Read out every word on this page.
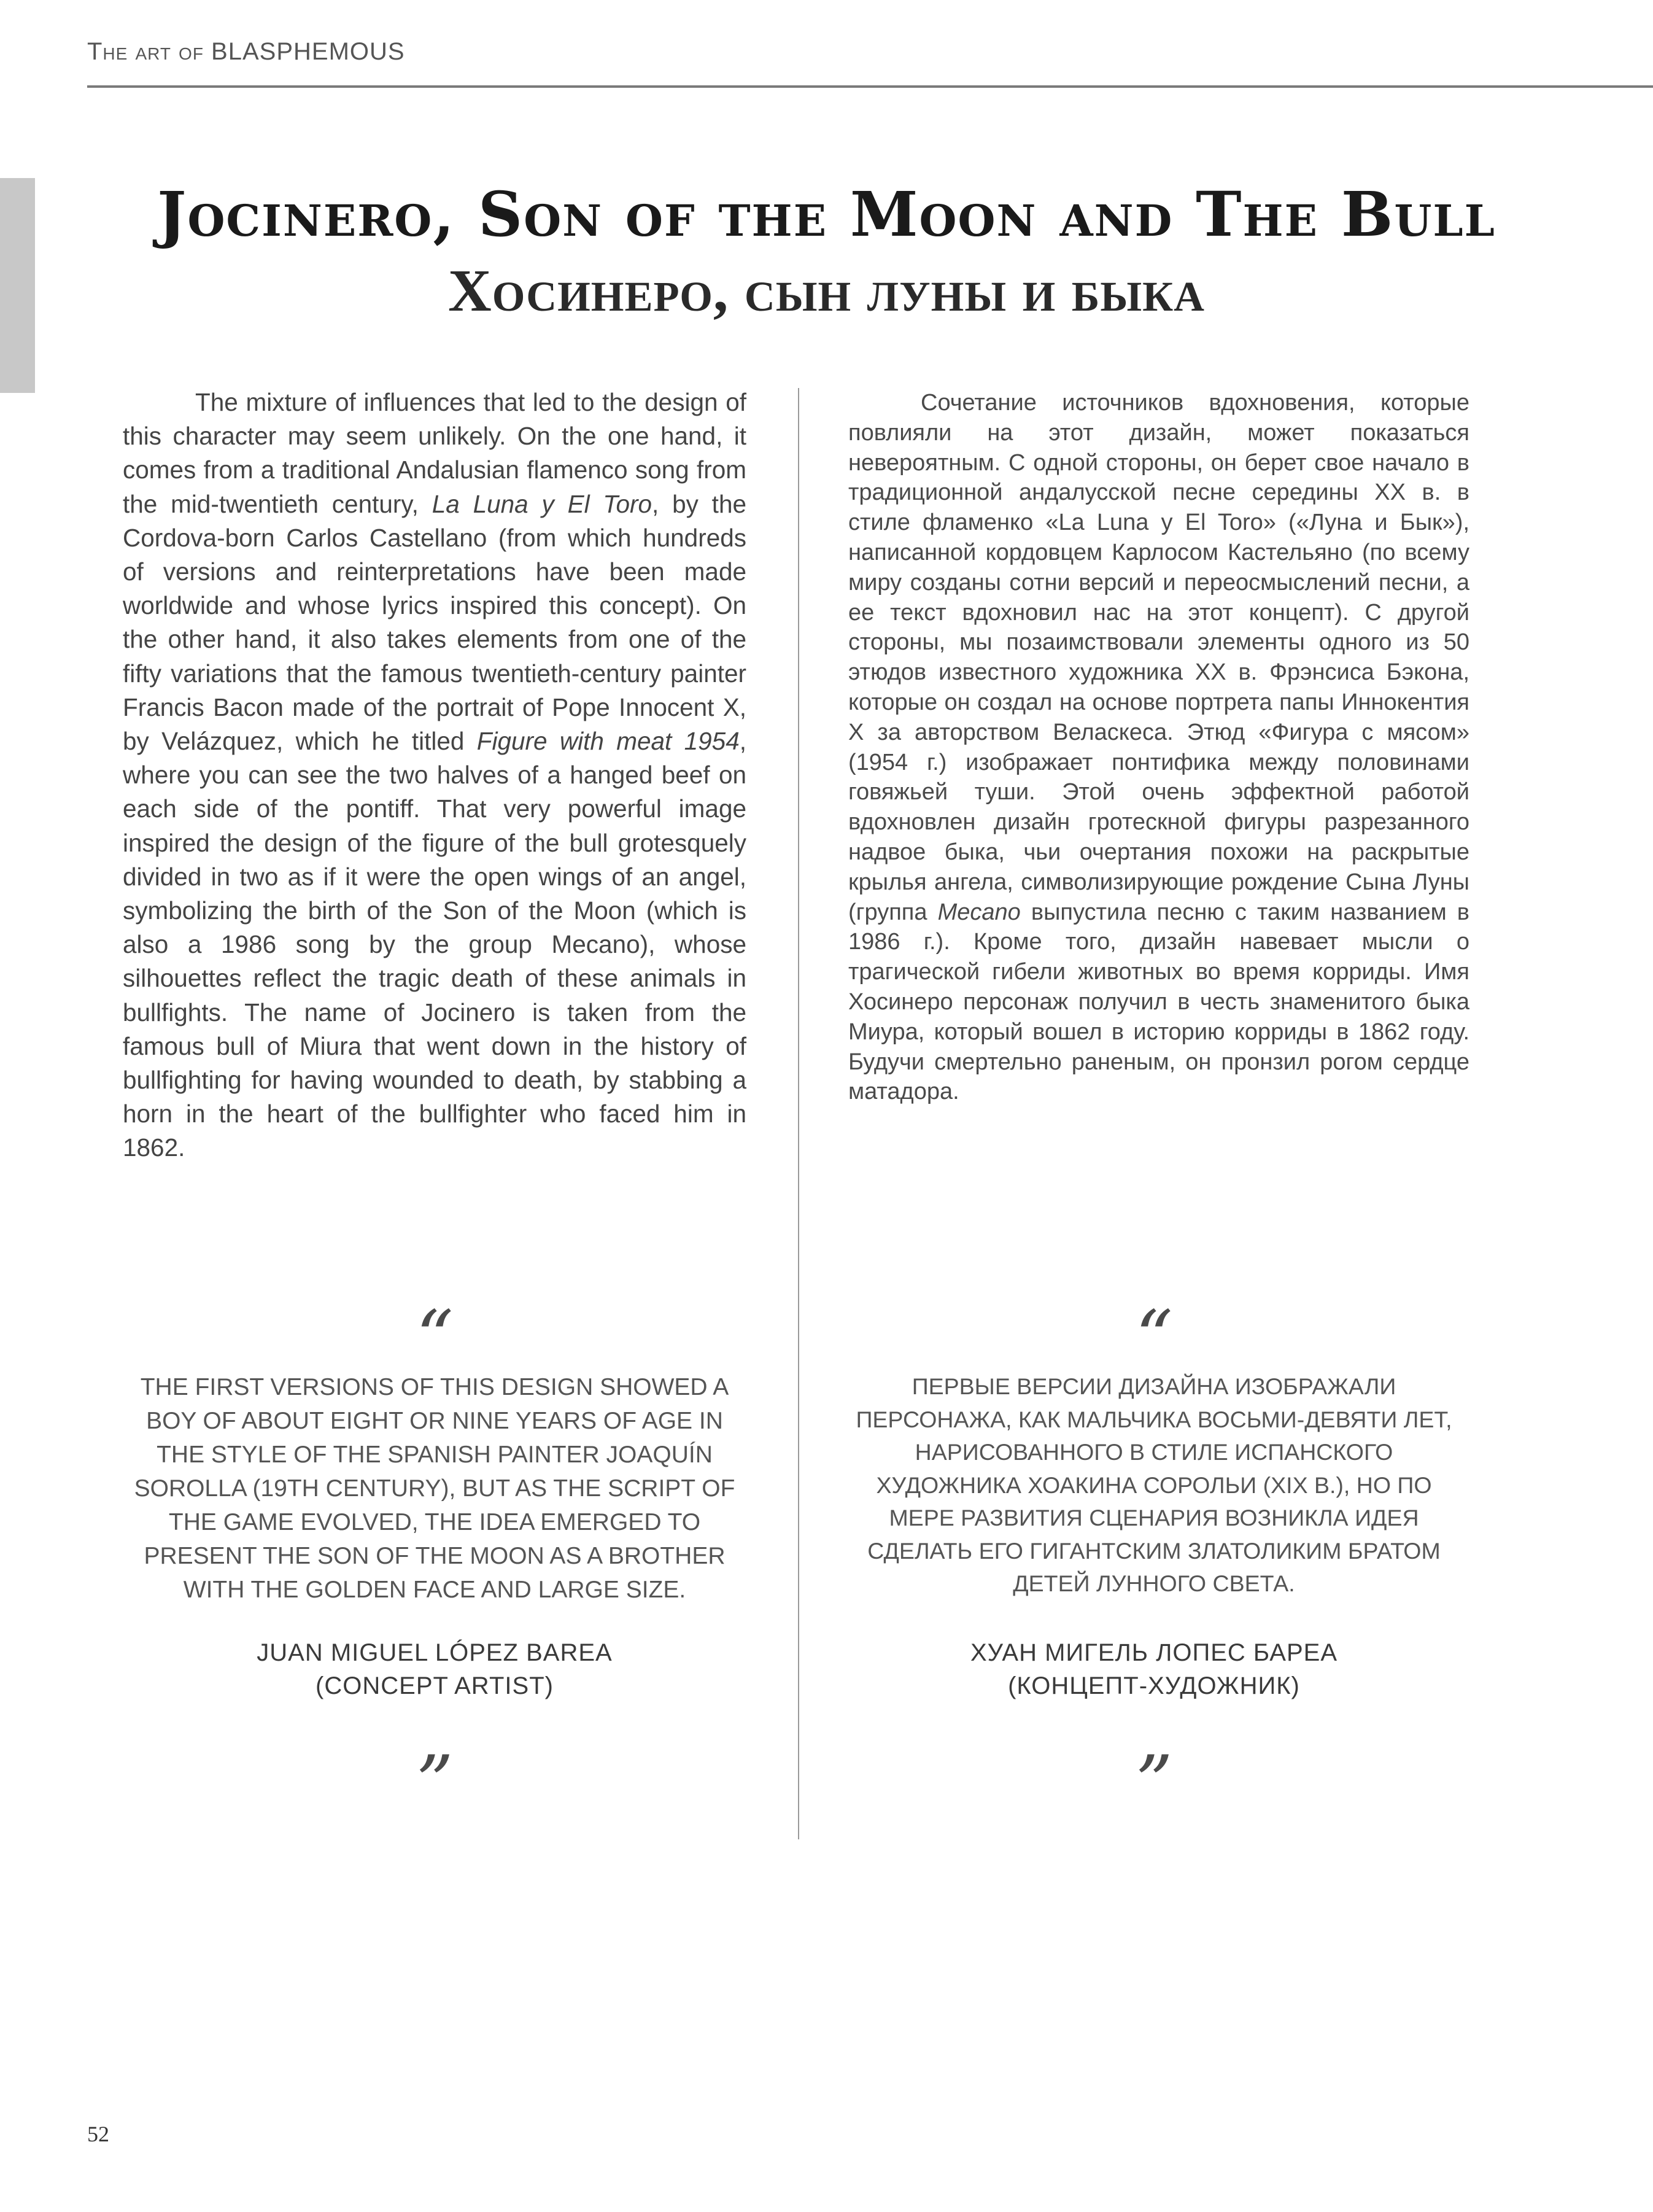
The art of BLASPHEMOUS
Jocinero, Son of the Moon and The Bull
Хосинеро, сын луны и быка

The mixture of influences that led to the design of this character may seem unlikely. On the one hand, it comes from a traditional Andalusian flamenco song from the mid-twentieth century, La Luna y El Toro, by the Cordova-born Carlos Castellano (from which hundreds of versions and reinterpretations have been made worldwide and whose lyrics inspired this concept). On the other hand, it also takes elements from one of the fifty variations that the famous twentieth-century painter Francis Bacon made of the portrait of Pope Innocent X, by Velázquez, which he titled Figure with meat 1954, where you can see the two halves of a hanged beef on each side of the pontiff. That very powerful image inspired the design of the figure of the bull grotesquely divided in two as if it were the open wings of an angel, symbolizing the birth of the Son of the Moon (which is also a 1986 song by the group Mecano), whose silhouettes reflect the tragic death of these animals in bullfights. The name of Jocinero is taken from the famous bull of Miura that went down in the history of bullfighting for having wounded to death, by stabbing a horn in the heart of the bullfighter who faced him in 1862.

Сочетание источников вдохновения, которые повлияли на этот дизайн, может показаться невероятным. С одной стороны, он берет свое начало в традиционной андалусской песне середины XX в. в стиле фламенко «La Luna y El Toro» («Луна и Бык»), написанной кордовцем Карлосом Кастельяно (по всему миру созданы сотни версий и переосмыслений песни, а ее текст вдохновил нас на этот концепт). С другой стороны, мы позаимствовали элементы одного из 50 этюдов известного художника XX в. Фрэнсиса Бэкона, которые он создал на основе портрета папы Иннокентия X за авторством Веласкеса. Этюд «Фигура с мясом» (1954 г.) изображает понтифика между половинами говяжьей туши. Этой очень эффектной работой вдохновлен дизайн гротескной фигуры разрезанного надвое быка, чьи очертания похожи на раскрытые крылья ангела, символизирующие рождение Сына Луны (группа Mecano выпустила песню с таким названием в 1986 г.). Кроме того, дизайн навевает мысли о трагической гибели животных во время корриды. Имя Хосинеро персонаж получил в честь знаменитого быка Миура, который вошел в историю корриды в 1862 году. Будучи смертельно раненым, он пронзил рогом сердце матадора.

“
THE FIRST VERSIONS OF THIS DESIGN SHOWED A BOY OF ABOUT EIGHT OR NINE YEARS OF AGE IN THE STYLE OF THE SPANISH PAINTER JOAQUÍN SOROLLA (19TH CENTURY), BUT AS THE SCRIPT OF THE GAME EVOLVED, THE IDEA EMERGED TO PRESENT THE SON OF THE MOON AS A BROTHER WITH THE GOLDEN FACE AND LARGE SIZE.
JUAN MIGUEL LÓPEZ BAREA
(CONCEPT ARTIST)
”
“
ПЕРВЫЕ ВЕРСИИ ДИЗАЙНА ИЗОБРАЖАЛИ ПЕРСОНАЖА, КАК МАЛЬЧИКА ВОСЬМИ-ДЕВЯТИ ЛЕТ, НАРИСОВАННОГО В СТИЛЕ ИСПАНСКОГО ХУДОЖНИКА ХОАКИНА СОРОЛЬИ (XIX В.), НО ПО МЕРЕ РАЗВИТИЯ СЦЕНАРИЯ ВОЗНИКЛА ИДЕЯ СДЕЛАТЬ ЕГО ГИГАНТСКИМ ЗЛАТОЛИКИМ БРАТОМ ДЕТЕЙ ЛУННОГО СВЕТА.
ХУАН МИГЕЛЬ ЛОПЕС БАРЕА
(КОНЦЕПТ-ХУДОЖНИК)
”
52
